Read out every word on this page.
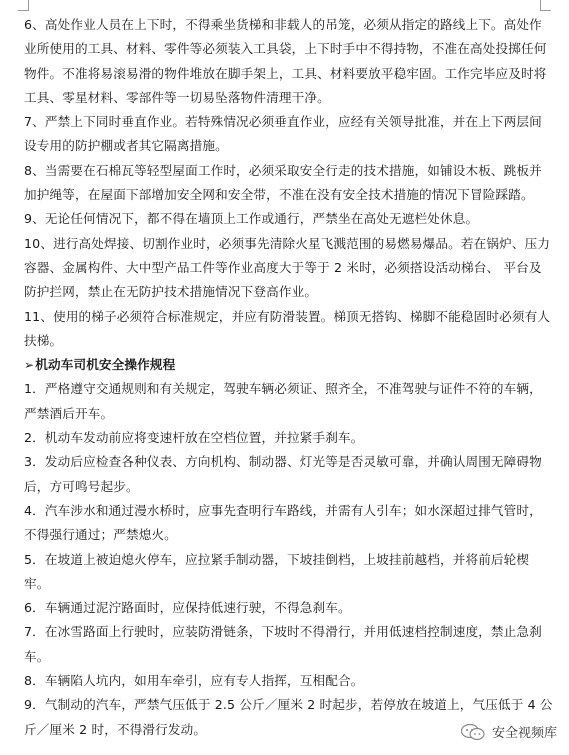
6、高处作业人员在上下时，不得乘坐货梯和非载人的吊笼，必须从指定的路线上下。高处作业所使用的工具、材料、零件等必须装入工具袋，上下时手中不得持物，不准在高处投掷任何物件。不准将易滚易滑的物件堆放在脚手架上，工具、材料要放平稳牢固。工作完毕应及时将工具、零星材料、零部件等一切易坠落物件清理干净。

7、严禁上下同时垂直作业。若特殊情况必须垂直作业，应经有关领导批准，并在上下两层间设专用的防护棚或者其它隔离措施。

8、当需要在石棉瓦等轻型屋面工作时，必须采取安全行走的技术措施，如铺设木板、跳板并加护绳等，在屋面下部增加安全网和安全带，不准在没有安全技术措施的情况下冒险踩踏。

9、无论任何情况下，都不得在墙顶上工作或通行，严禁坐在高处无遮栏处休息。

10、进行高处焊接、切割作业时，必须事先清除火星飞溅范围的易燃易爆品。若在锅炉、压力容器、金属构件、大中型产品工件等作业高度大于等于 2 米时，必须搭设活动梯台、 平台及防护拦网，禁止在无防护技术措施情况下登高作业。

11、使用的梯子必须符合标准规定，并应有防滑装置。梯顶无搭钩、梯脚不能稳固时必须有人扶梯。

➢ 机动车司机安全操作规程

1．严格遵守交通规则和有关规定，驾驶车辆必须证、照齐全，不准驾驶与证件不符的车辆，严禁酒后开车。

2．机动车发动前应将变速杆放在空档位置，并拉紧手刹车。

3．发动后应检查各种仪表、方向机构、制动器、灯光等是否灵敏可靠，并确认周围无障碍物后，方可鸣号起步。

4．汽车涉水和通过漫水桥时，应事先查明行车路线，并需有人引车；如水深超过排气管时，不得强行通过；严禁熄火。

5．在坡道上被迫熄火停车，应拉紧手制动器，下坡挂倒档，上坡挂前越档，并将前后轮楔牢。

6．车辆通过泥泞路面时，应保持低速行驶，不得急刹车。

7．在冰雪路面上行驶时，应装防滑链条，下坡时不得滑行，并用低速档控制速度，禁止急刹车。

8．车辆陷人坑内，如用车牵引，应有专人指挥，互相配合。

9．气制动的汽车，严禁气压低于 2.5 公斤／厘米 2 时起步，若停放在坡道上，气压低于 4 公斤／厘米 2 时，不得滑行发动。	安全视频库
